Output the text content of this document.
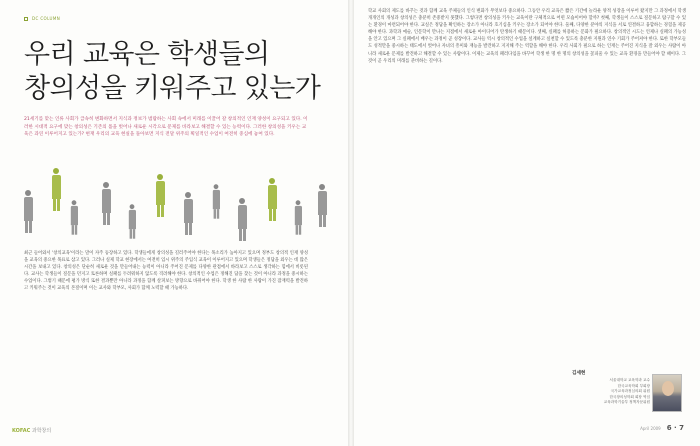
DC COLUMN
우리 교육은 학생들의
창의성을 키워주고 있는가

21세기를 맞는 인류 사회가 급속히 변화하면서 지식과 정보가 범람하는 사회 속에서 미래를 이끌어 갈 창의적인 인재 양성이 요구되고 있다. 이러한 시대적 요구에 맞는 창의성은 기존의 틀을 벗어나 새로운 시각으로 문제를 바라보고 해결할 수 있는 능력이다. 그러한 창의성을 키우는 교육은 과연 이루어지고 있는가? 현재 우리의 교육 현실을 돌아보면 지식 전달 위주의 획일적인 수업이 여전히 중심에 놓여 있다.

최근 들어와서 '창의교육'이라는 말이 자주 등장하고 있다. 학생들에게 창의성을 길러주어야 한다는 목소리가 높아지고 있으며 정부도 창의적 인재 양성을 교육의 중요한 목표로 삼고 있다. 그러나 실제 학교 현장에서는 여전히 입시 위주의 주입식 교육이 이루어지고 있으며 학생들은 정답을 외우는 데 많은 시간을 보내고 있다. 창의성은 단순히 새로운 것을 만들어내는 능력이 아니라 주어진 문제를 다양한 관점에서 바라보고 스스로 생각하는 힘에서 비롯된다. 교사는 학생들이 질문을 던지고 토론하며 실패를 두려워하지 않도록 격려해야 한다. 창의적인 수업은 정해진 답을 찾는 것이 아니라 과정을 중시하는 수업이다. 그렇기 때문에 평가 방식 또한 결과뿐만 아니라 과정을 함께 살펴보는 방향으로 바뀌어야 한다. 학생 한 사람 한 사람이 가진 잠재력을 발견하고 키워주는 것이 교육의 본질이며 이는 교사와 학부모, 사회가 함께 노력할 때 가능하다.

KOFAC 과학창의

학교 사회의 제도를 바꾸는 것과 함께 교육 주체들의 인식 변화가 무엇보다 중요하다. 그동안 우리 교육은 짧은 기간에 놀라운 양적 성장을 이루어 왔지만 그 과정에서 학생 개개인의 개성과 창의성은 충분히 존중받지 못했다. 그렇다면 창의성을 키우는 교육이란 구체적으로 어떤 모습이어야 할까? 첫째, 학생들이 스스로 질문하고 탐구할 수 있는 환경이 마련되어야 한다. 교실은 정답을 확인하는 장소가 아니라 호기심을 키우는 장소가 되어야 한다. 둘째, 다양한 분야의 지식을 서로 연결하고 융합하는 경험을 제공해야 한다. 과학과 예술, 인문학이 만나는 지점에서 새로운 아이디어가 탄생하기 때문이다. 셋째, 실패를 허용하는 문화가 필요하다. 창의적인 시도는 언제나 실패의 가능성을 안고 있으며 그 실패에서 배우는 과정이 곧 성장이다. 교사들 역시 창의적인 수업을 설계하고 실천할 수 있도록 충분한 지원과 연수 기회가 주어져야 한다. 또한 학부모들도 성적만을 중시하는 태도에서 벗어나 자녀의 흥미와 재능을 발견하고 지지해 주는 역할을 해야 한다. 우리 사회가 필요로 하는 인재는 주어진 지식을 잘 외우는 사람이 아니라 새로운 문제를 발견하고 해결할 수 있는 사람이다. 이제는 교육의 패러다임을 바꾸어 학생 한 명 한 명의 창의성을 꽃피울 수 있는 교육 환경을 만들어야 할 때이다. 그것이 곧 우리의 미래를 준비하는 길이다.

김세현
서울대학교 교육학과 교수
한국교육학회 부회장
국가교육과정심의회 위원
한국창의성학회 회장 역임
교육과학기술부 정책자문위원
April 2009 6 · 7
